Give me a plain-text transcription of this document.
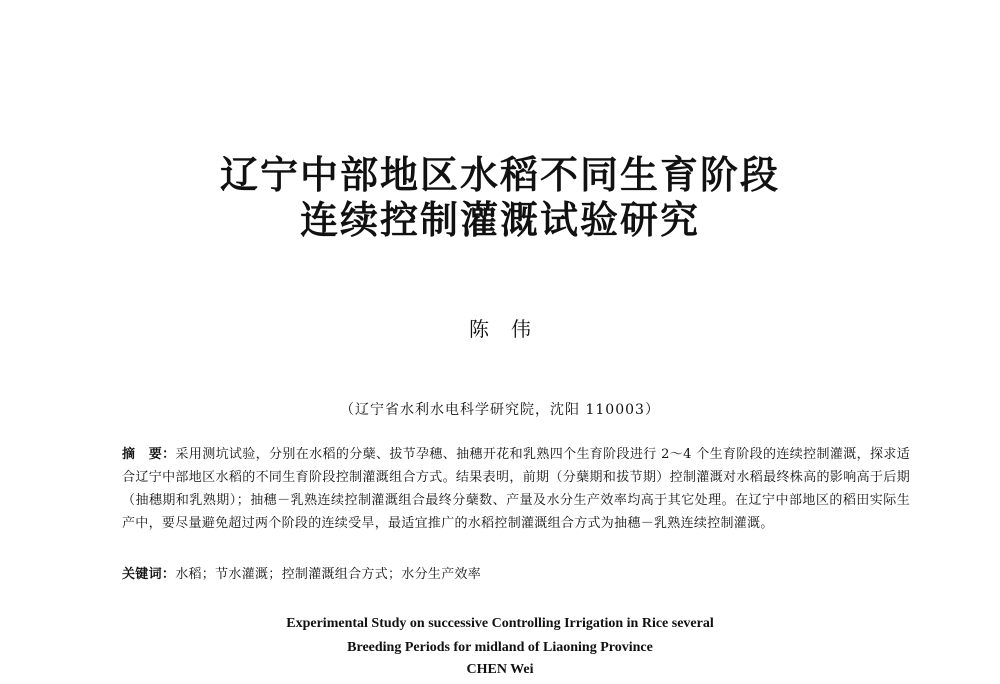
辽宁中部地区水稻不同生育阶段
连续控制灌溉试验研究
陈伟
（辽宁省水利水电科学研究院，沈阳 110003）
摘　要：采用测坑试验，分别在水稻的分蘖、拔节孕穗、抽穗开花和乳熟四个生育阶段进行 2～4 个生育阶段的连续控制灌溉，探求适合辽宁中部地区水稻的不同生育阶段控制灌溉组合方式。结果表明，前期（分蘖期和拔节期）控制灌溉对水稻最终株高的影响高于后期（抽穗期和乳熟期）；抽穗－乳熟连续控制灌溉组合最终分蘖数、产量及水分生产效率均高于其它处理。在辽宁中部地区的稻田实际生产中，要尽量避免超过两个阶段的连续受旱，最适宜推广的水稻控制灌溉组合方式为抽穗－乳熟连续控制灌溉。
关键词：水稻；节水灌溉；控制灌溉组合方式；水分生产效率
Experimental Study on successive Controlling Irrigation in Rice several
Breeding Periods for midland of Liaoning Province
CHEN Wei
